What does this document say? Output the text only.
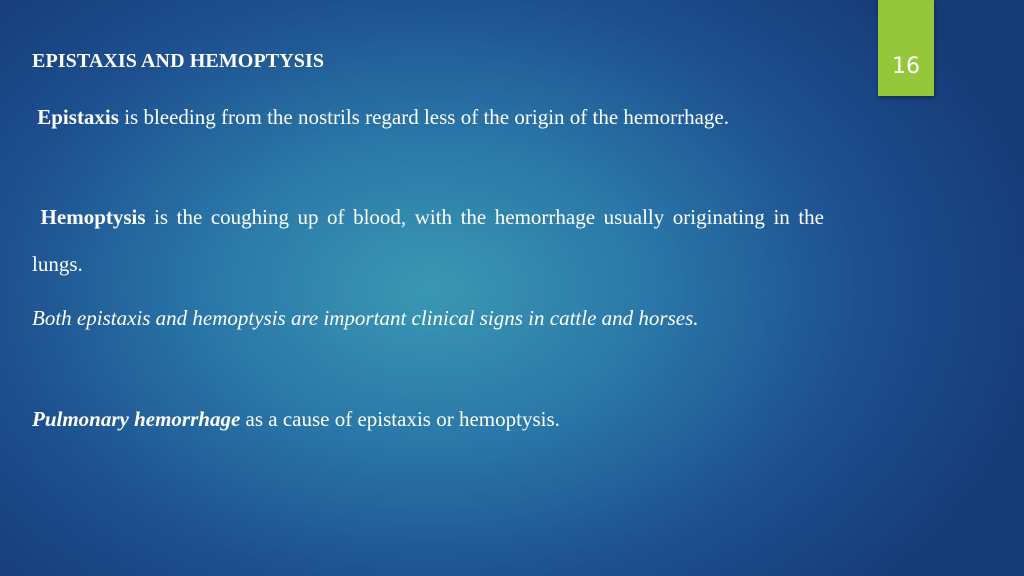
16
EPISTAXIS AND HEMOPTYSIS
Epistaxis is bleeding from the nostrils regard less of the origin of the hemorrhage.
Hemoptysis is the coughing up of blood, with the hemorrhage usually originating in the lungs.
Both epistaxis and hemoptysis are important clinical signs in cattle and horses.
Pulmonary hemorrhage as a cause of epistaxis or hemoptysis.
